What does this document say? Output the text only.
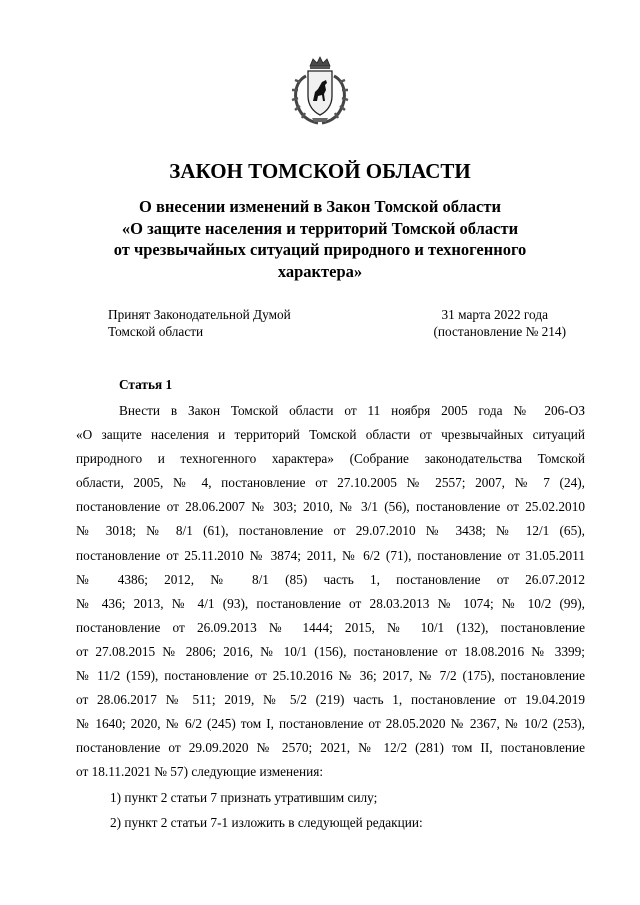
ЗАКОН ТОМСКОЙ ОБЛАСТИ
О внесении изменений в Закон Томской области
«О защите населения и территорий Томской области
от чрезвычайных ситуаций природного и техногенного
характера»
Принят Законодательной Думой
Томской области
31 марта 2022 года
(постановление № 214)
Статья 1
Внести в Закон Томской области от 11 ноября 2005 года № 206-ОЗ
«О защите населения и территорий Томской области от чрезвычайных ситуаций
природного и техногенного характера» (Собрание законодательства Томской
области, 2005, № 4, постановление от 27.10.2005 № 2557; 2007, № 7 (24),
постановление от 28.06.2007 № 303; 2010, № 3/1 (56), постановление от 25.02.2010
№ 3018; № 8/1 (61), постановление от 29.07.2010 № 3438; № 12/1 (65),
постановление от 25.11.2010 № 3874; 2011, № 6/2 (71), постановление от 31.05.2011
№ 4386; 2012, № 8/1 (85) часть 1, постановление от 26.07.2012
№ 436; 2013, № 4/1 (93), постановление от 28.03.2013 № 1074; № 10/2 (99),
постановление от 26.09.2013 № 1444; 2015, № 10/1 (132), постановление
от 27.08.2015 № 2806; 2016, № 10/1 (156), постановление от 18.08.2016 № 3399;
№ 11/2 (159), постановление от 25.10.2016 № 36; 2017, № 7/2 (175), постановление
от 28.06.2017 № 511; 2019, № 5/2 (219) часть 1, постановление от 19.04.2019
№ 1640; 2020, № 6/2 (245) том I, постановление от 28.05.2020 № 2367, № 10/2 (253),
постановление от 29.09.2020 № 2570; 2021, № 12/2 (281) том II, постановление
от 18.11.2021 № 57) следующие изменения:
1) пункт 2 статьи 7 признать утратившим силу;
2) пункт 2 статьи 7-1 изложить в следующей редакции:
